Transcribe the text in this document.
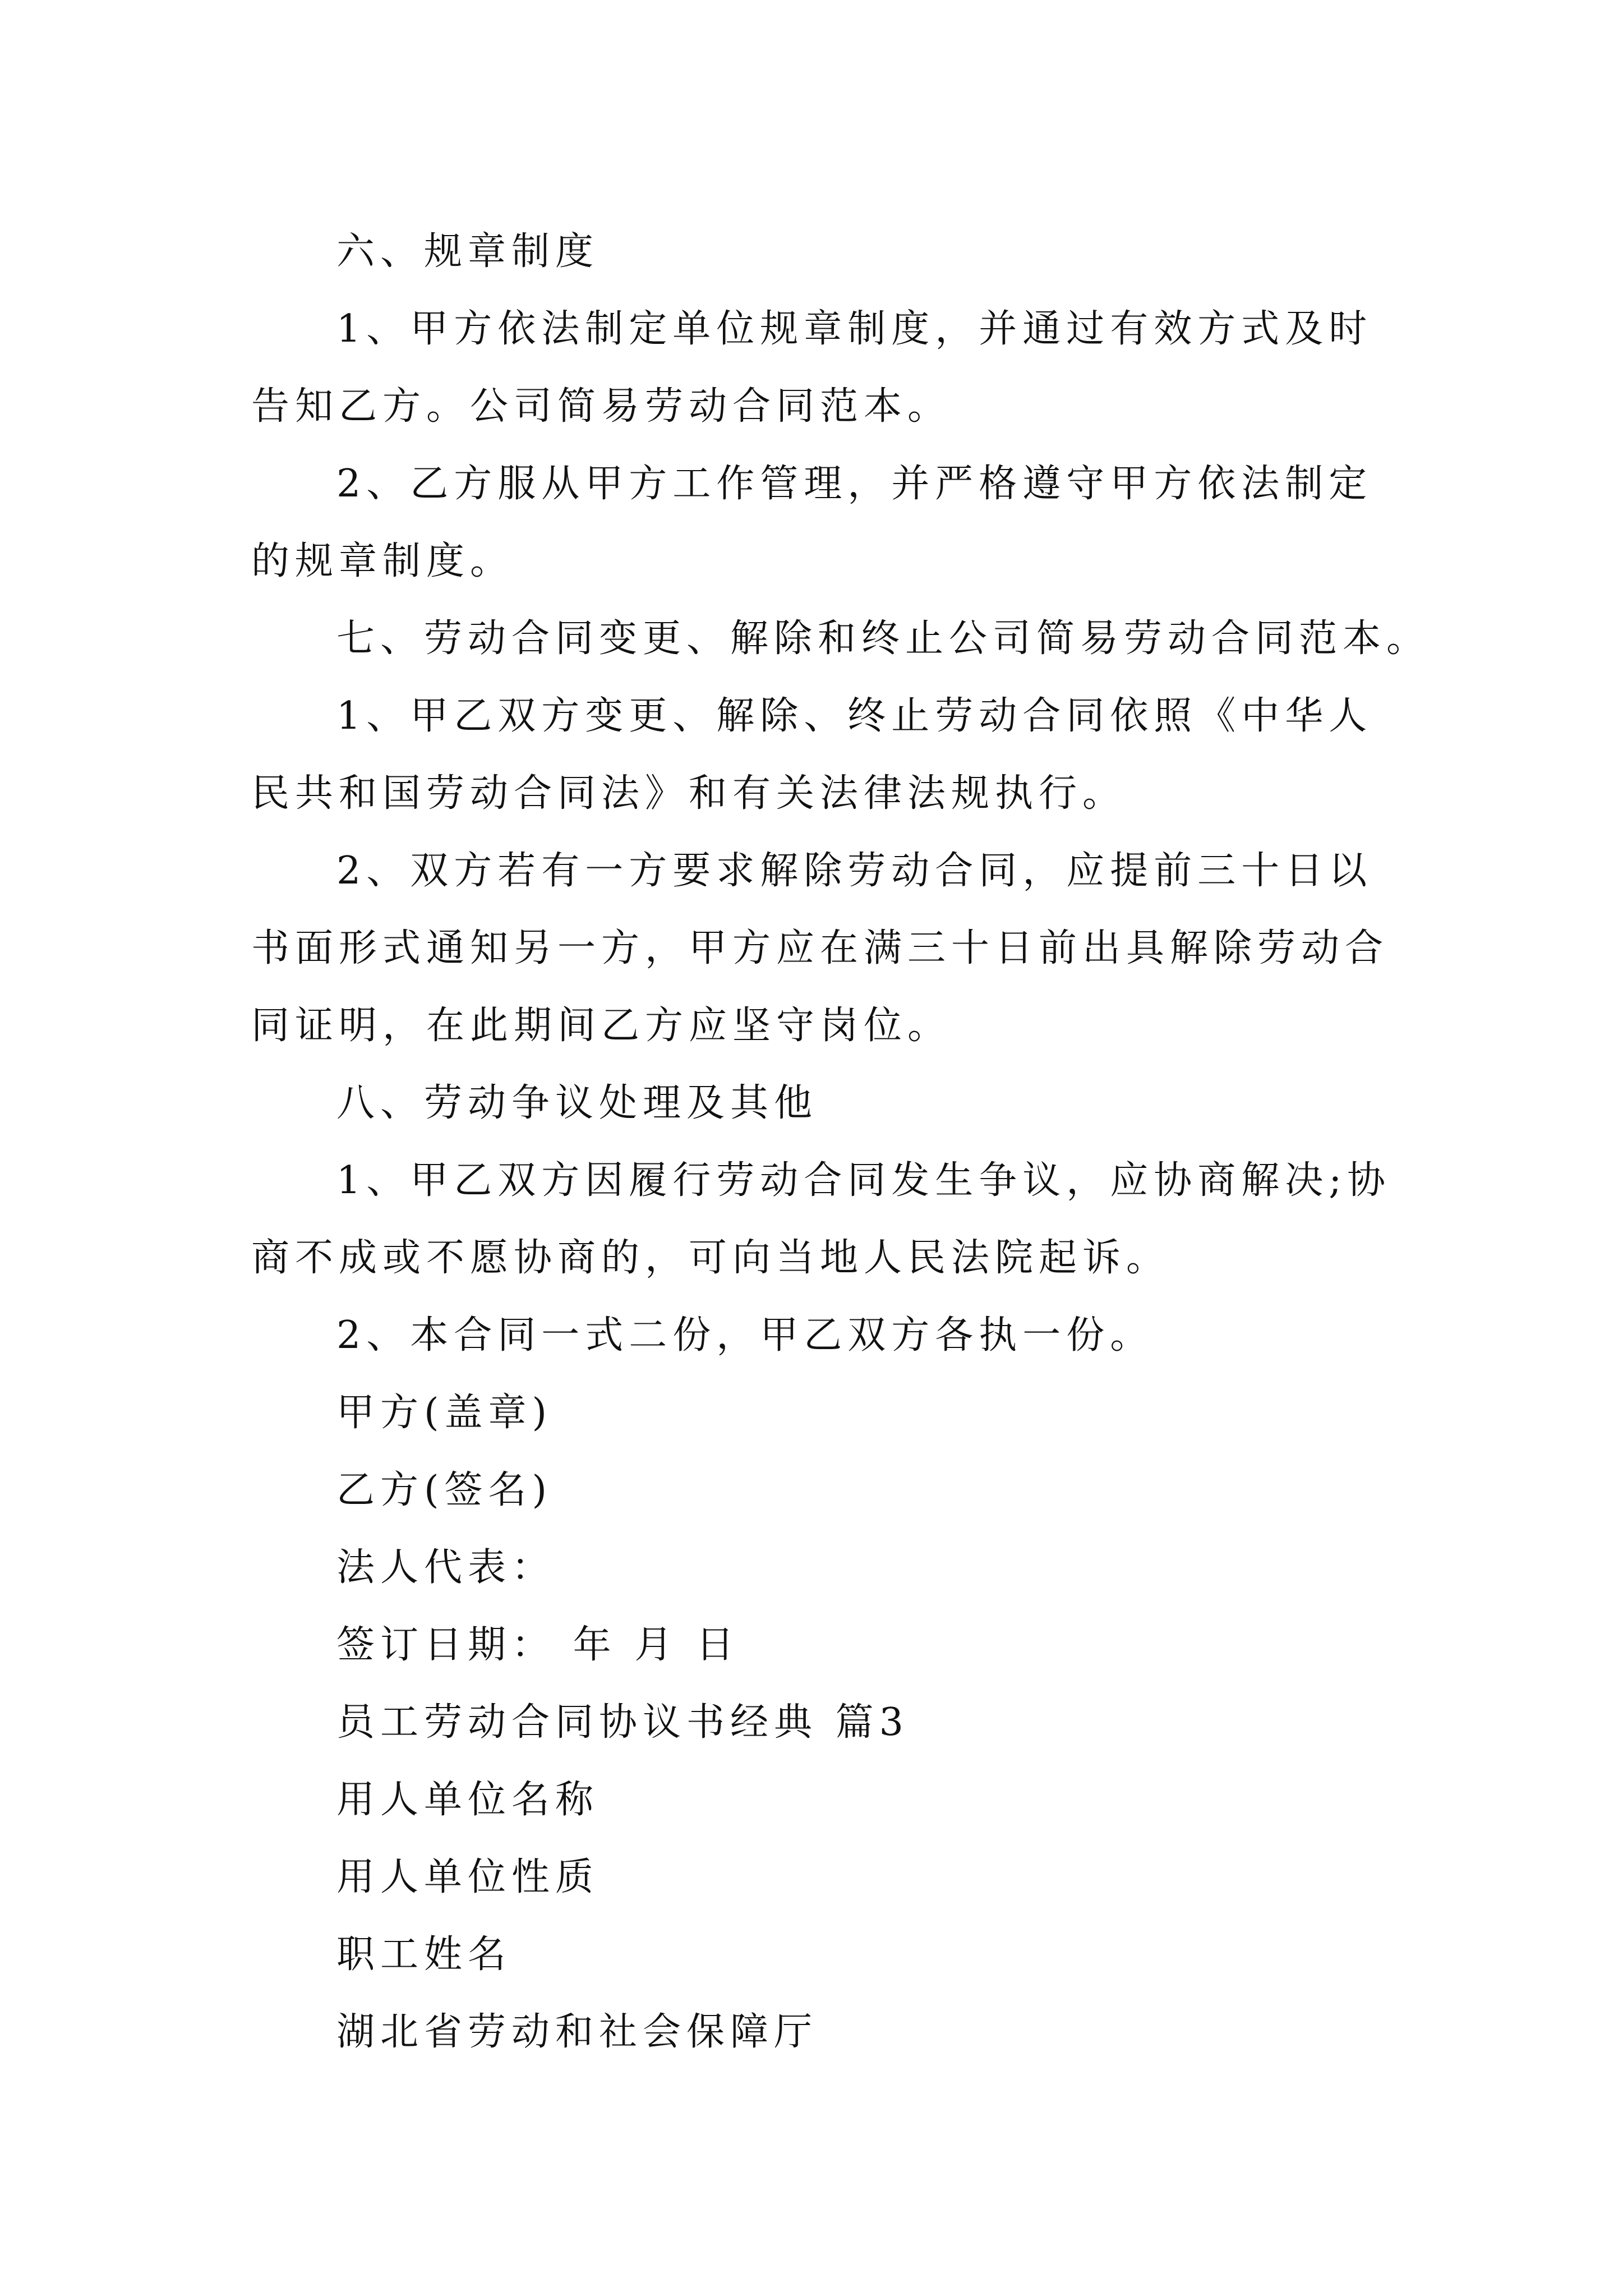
六、规章制度
1、甲方依法制定单位规章制度，并通过有效方式及时
告知乙方。公司简易劳动合同范本。
2、乙方服从甲方工作管理，并严格遵守甲方依法制定
的规章制度。
七、劳动合同变更、解除和终止公司简易劳动合同范本。
1、甲乙双方变更、解除、终止劳动合同依照《中华人
民共和国劳动合同法》和有关法律法规执行。
2、双方若有一方要求解除劳动合同，应提前三十日以
书面形式通知另一方，甲方应在满三十日前出具解除劳动合
同证明，在此期间乙方应坚守岗位。
八、劳动争议处理及其他
1、甲乙双方因履行劳动合同发生争议，应协商解决;协
商不成或不愿协商的，可向当地人民法院起诉。
2、本合同一式二份，甲乙双方各执一份。
甲方(盖章)
乙方(签名)
法人代表：
签订日期： 年 月 日
员工劳动合同协议书经典 篇3
用人单位名称
用人单位性质
职工姓名
湖北省劳动和社会保障厅
